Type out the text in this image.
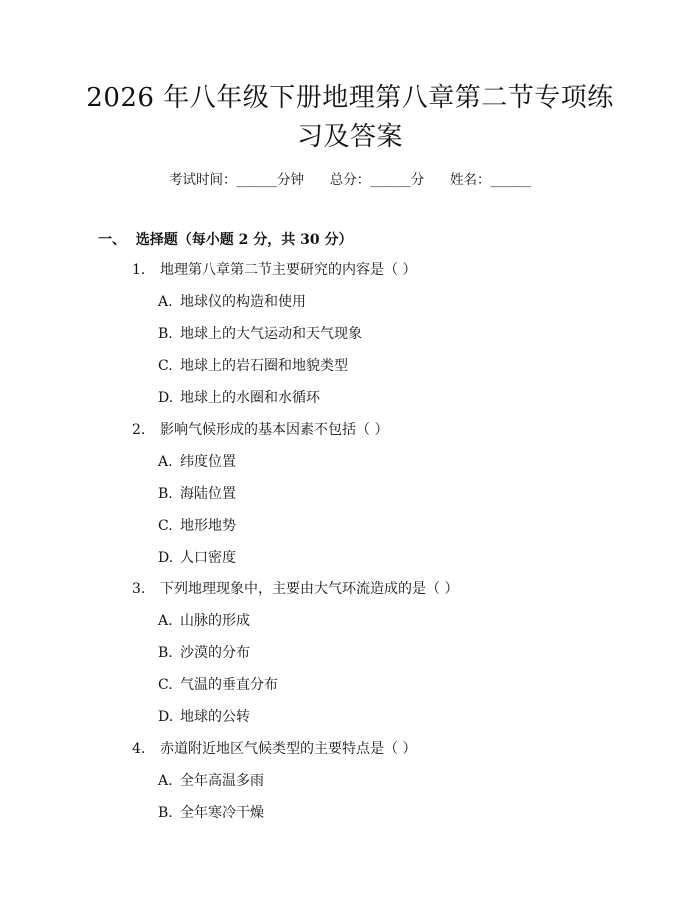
2026 年八年级下册地理第八章第二节专项练
习及答案
考试时间：______分钟      总分：______分      姓名：______
一、  选择题（每小题 2 分，共 30 分）
1. 地理第八章第二节主要研究的内容是（ ）
A. 地球仪的构造和使用
B. 地球上的大气运动和天气现象
C. 地球上的岩石圈和地貌类型
D. 地球上的水圈和水循环
2. 影响气候形成的基本因素不包括（ ）
A. 纬度位置
B. 海陆位置
C. 地形地势
D. 人口密度
3. 下列地理现象中，主要由大气环流造成的是（ ）
A. 山脉的形成
B. 沙漠的分布
C. 气温的垂直分布
D. 地球的公转
4. 赤道附近地区气候类型的主要特点是（ ）
A. 全年高温多雨
B. 全年寒冷干燥
